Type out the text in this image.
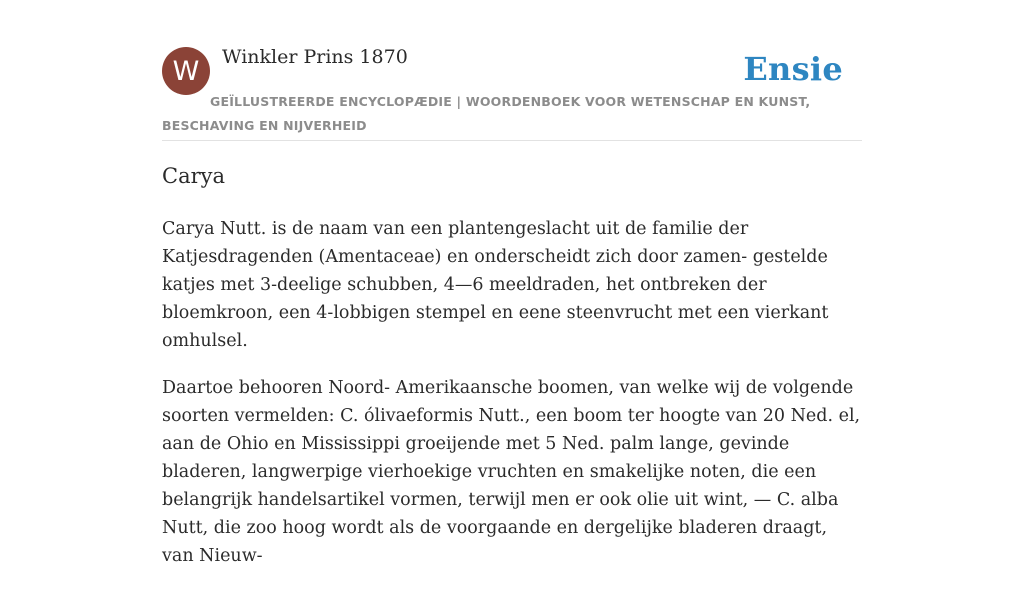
W	Winkler Prins 1870	Ensie
GEÏLLUSTREERDE ENCYCLOPÆDIE | WOORDENBOEK VOOR WETENSCHAP EN KUNST, BESCHAVING EN NIJVERHEID
Carya

Carya Nutt. is de naam van een plantengeslacht uit de familie der Katjesdragenden (Amentaceae) en onderscheidt zich door zamen- gestelde katjes met 3-deelige schubben, 4—6 meeldraden, het ontbreken der bloemkroon, een 4-lobbigen stempel en eene steenvrucht met een vierkant omhulsel.

Daartoe behooren Noord- Amerikaansche boomen, van welke wij de volgende soorten vermelden: C. ólivaeformis Nutt., een boom ter hoogte van 20 Ned. el, aan de Ohio en Mississippi groeijende met 5 Ned. palm lange, gevinde bladeren, langwerpige vierhoekige vruchten en smakelijke noten, die een belangrijk handelsartikel vormen, terwijl men er ook olie uit wint, — C. alba Nutt, die zoo hoog wordt als de voorgaande en dergelijke bladeren draagt, van Nieuw-
